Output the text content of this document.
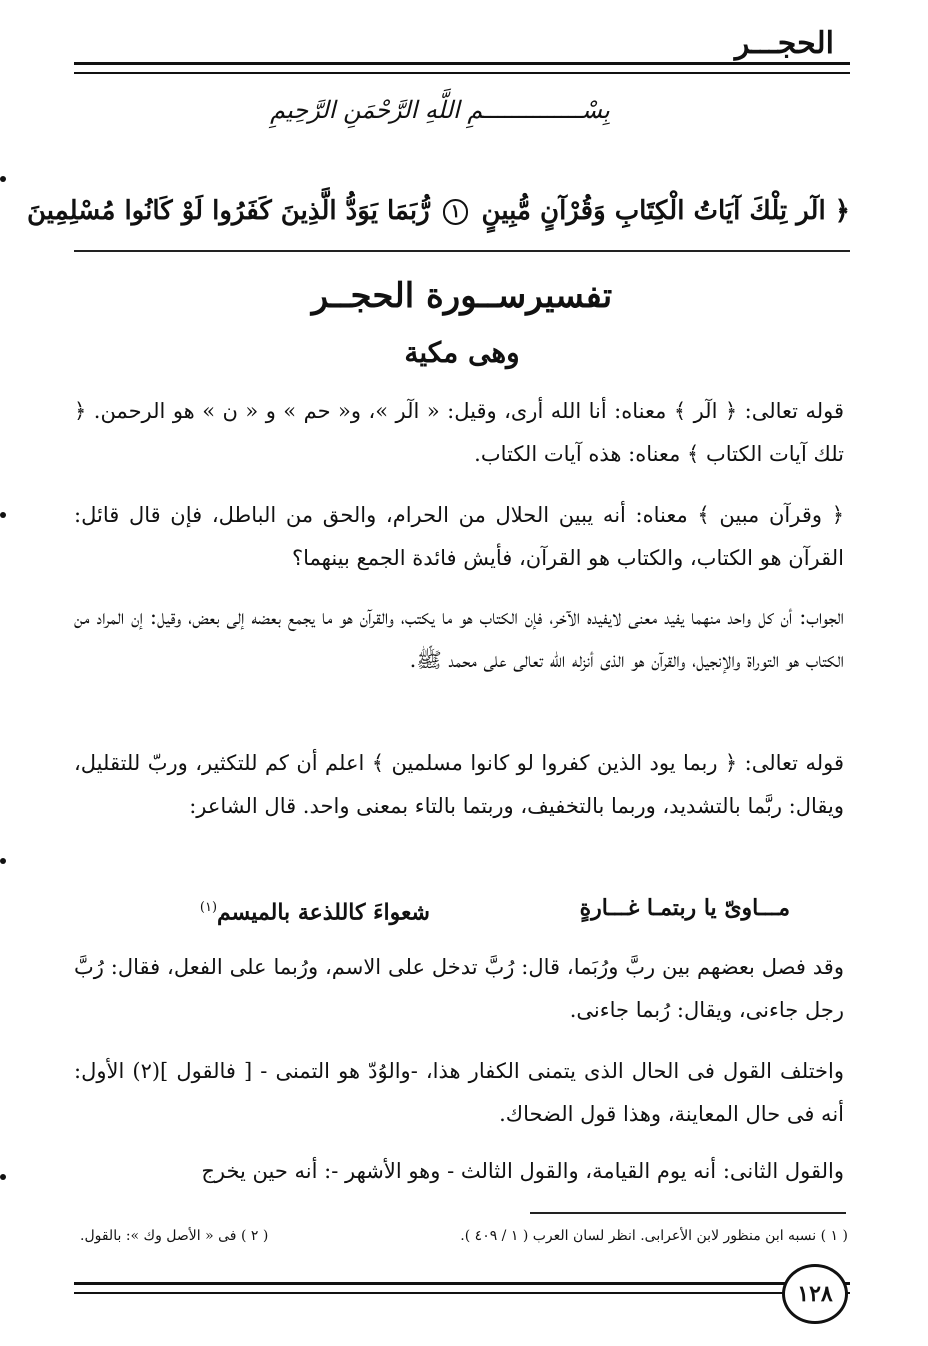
الحجـــر
بِسْــــــــــــــمِ اللَّهِ الرَّحْمَنِ الرَّحِيمِ
﴿ الٓر تِلْكَ آيَاتُ الْكِتَابِ وَقُرْآنٍ مُّبِينٍ ١ رُّبَمَا يَوَدُّ الَّذِينَ كَفَرُوا لَوْ كَانُوا مُسْلِمِينَ
تفسيرســورة الحجــر
وهى مكية
قوله تعالى: ﴿ الٓر ﴾ معناه: أنا الله أرى، وقيل: « الٓر »، و« حم » و « ن » هو الرحمن. ﴿ تلك آيات الكتاب ﴾ معناه: هذه آيات الكتاب.
﴿ وقرآن مبين ﴾ معناه: أنه يبين الحلال من الحرام، والحق من الباطل، فإن قال قائل: القرآن هو الكتاب، والكتاب هو القرآن، فأيش فائدة الجمع بينهما؟
الجواب: أن كل واحد منهما يفيد معنى لايفيده الآخر، فإن الكتاب هو ما يكتب، والقرآن هو ما يجمع بعضه إلى بعض، وقيل: إن المراد من الكتاب هو التوراة والإنجيل، والقرآن هو الذى أنزله الله تعالى على محمد ﷺ.
قوله تعالى: ﴿ ربما يود الذين كفروا لو كانوا مسلمين ﴾ اعلم أن كم للتكثير، وربّ للتقليل، ويقال: ربَّما بالتشديد، وربما بالتخفيف، وربتما بالتاء بمعنى واحد. قال الشاعر:
مـــاوىّ يا ربتمـا غـــارةٍ
شعواءَ كاللذعة بالميسم$^{(١)}$
وقد فصل بعضهم بين ربَّ ورُبَما، قال: رُبَّ تدخل على الاسم، ورُبما على الفعل، فقال: رُبَّ رجل جاءنى، ويقال: رُبما جاءنى.
واختلف القول فى الحال الذى يتمنى الكفار هذا، -والوُدّ هو التمنى - [ فالقول ](٢) الأول: أنه فى حال المعاينة، وهذا قول الضحاك.
والقول الثانى: أنه يوم القيامة، والقول الثالث - وهو الأشهر -: أنه حين يخرج
( ١ ) نسبه ابن منظور لابن الأعرابى. انظر لسان العرب ( ١ / ٤٠٩ ).
( ٢ ) فى « الأصل وك »: بالقول.
١٢٨
